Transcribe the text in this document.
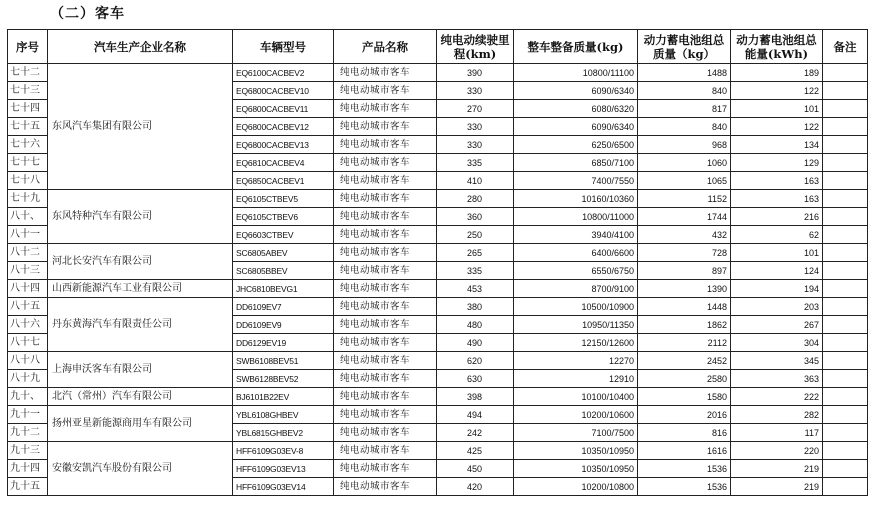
（二）客车
序号	汽车生产企业名称	车辆型号	产品名称	纯电动续驶里程(km)	整车整备质量(kg)	动力蓄电池组总质量（kg）	动力蓄电池组总能量(kWh)	备注
七十二	东风汽车集团有限公司	EQ6100CACBEV2	纯电动城市客车	390	10800/11100	1488	189	
七十三		EQ6800CACBEV10	纯电动城市客车	330	6090/6340	840	122	
七十四		EQ6800CACBEV11	纯电动城市客车	270	6080/6320	817	101	
七十五		EQ6800CACBEV12	纯电动城市客车	330	6090/6340	840	122	
七十六		EQ6800CACBEV13	纯电动城市客车	330	6250/6500	968	134	
七十七		EQ6810CACBEV4	纯电动城市客车	335	6850/7100	1060	129	
七十八		EQ6850CACBEV1	纯电动城市客车	410	7400/7550	1065	163	
七十九	东风特种汽车有限公司	EQ6105CTBEV5	纯电动城市客车	280	10160/10360	1152	163	
八十、		EQ6105CTBEV6	纯电动城市客车	360	10800/11000	1744	216	
八十一		EQ6603CTBEV	纯电动城市客车	250	3940/4100	432	62	
八十二	河北长安汽车有限公司	SC6805ABEV	纯电动城市客车	265	6400/6600	728	101	
八十三		SC6805BBEV	纯电动城市客车	335	6550/6750	897	124	
八十四	山西新能源汽车工业有限公司	JHC6810BEVG1	纯电动城市客车	453	8700/9100	1390	194	
八十五	丹东黄海汽车有限责任公司	DD6109EV7	纯电动城市客车	380	10500/10900	1448	203	
八十六		DD6109EV9	纯电动城市客车	480	10950/11350	1862	267	
八十七		DD6129EV19	纯电动城市客车	490	12150/12600	2112	304	
八十八	上海申沃客车有限公司	SWB6108BEV51	纯电动城市客车	620	12270	2452	345	
八十九		SWB6128BEV52	纯电动城市客车	630	12910	2580	363	
九十、	北汽（常州）汽车有限公司	BJ6101B22EV	纯电动城市客车	398	10100/10400	1580	222	
九十一	扬州亚星新能源商用车有限公司	YBL6108GHBEV	纯电动城市客车	494	10200/10600	2016	282	
九十二		YBL6815GHBEV2	纯电动城市客车	242	7100/7500	816	117	
九十三	安徽安凯汽车股份有限公司	HFF6109G03EV-8	纯电动城市客车	425	10350/10950	1616	220	
九十四		HFF6109G03EV13	纯电动城市客车	450	10350/10950	1536	219	
九十五		HFF6109G03EV14	纯电动城市客车	420	10200/10800	1536	219	
